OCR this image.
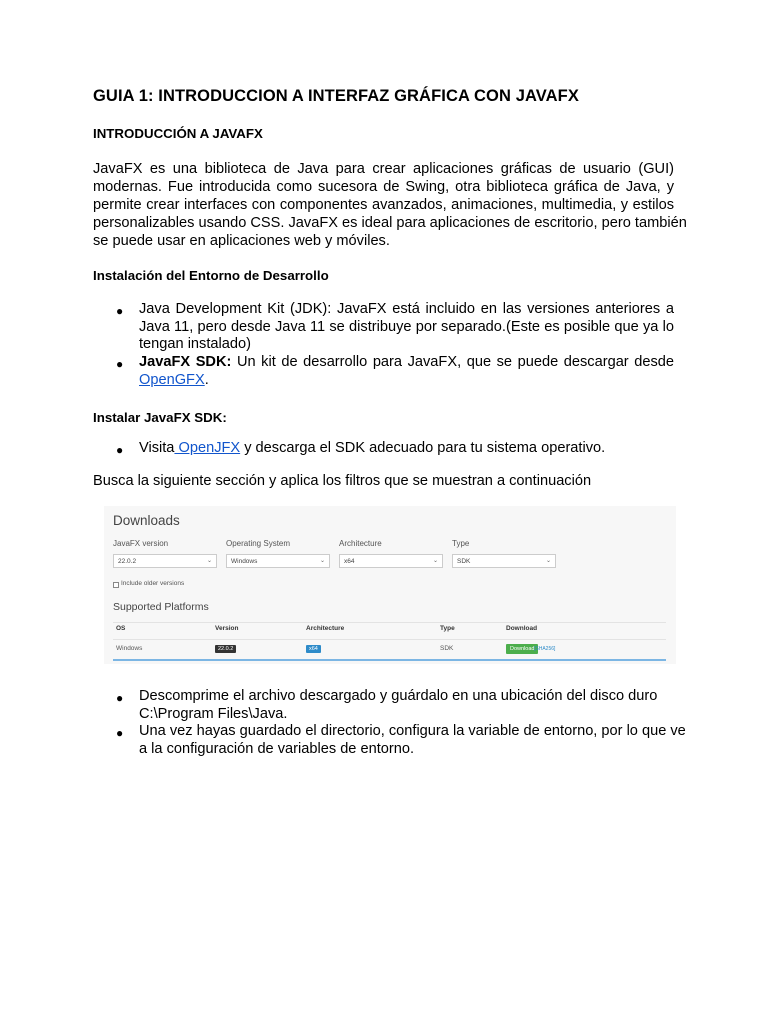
GUIA 1: INTRODUCCION A INTERFAZ GRÁFICA CON JAVAFX
INTRODUCCIÓN A JAVAFX
JavaFX es una biblioteca de Java para crear aplicaciones gráficas de usuario (GUI)
modernas. Fue introducida como sucesora de Swing, otra biblioteca gráfica de Java, y
permite crear interfaces con componentes avanzados, animaciones, multimedia, y estilos
personalizables usando CSS. JavaFX es ideal para aplicaciones de escritorio, pero también
se puede usar en aplicaciones web y móviles.
Instalación del Entorno de Desarrollo
● Java Development Kit (JDK): JavaFX está incluido en las versiones anteriores a
Java 11, pero desde Java 11 se distribuye por separado.(Este es posible que ya lo
tengan instalado)
● JavaFX SDK: Un kit de desarrollo para JavaFX, que se puede descargar desde
OpenGFX.
Instalar JavaFX SDK:
● Visita OpenJFX y descarga el SDK adecuado para tu sistema operativo.
Busca la siguiente sección y aplica los filtros que se muestran a continuación
Downloads
JavaFX version	Operating System	Architecture	Type
22.0.2	⌄	Windows	⌄	x64	⌄	SDK	⌄
Include older versions
Supported Platforms
OS	Version	Architecture	Type	Download
Windows	22.0.2	x64	SDK	Download [SHA256]
● Descomprime el archivo descargado y guárdalo en una ubicación del disco duro
C:\Program Files\Java.
● Una vez hayas guardado el directorio, configura la variable de entorno, por lo que ve
a la configuración de variables de entorno.
